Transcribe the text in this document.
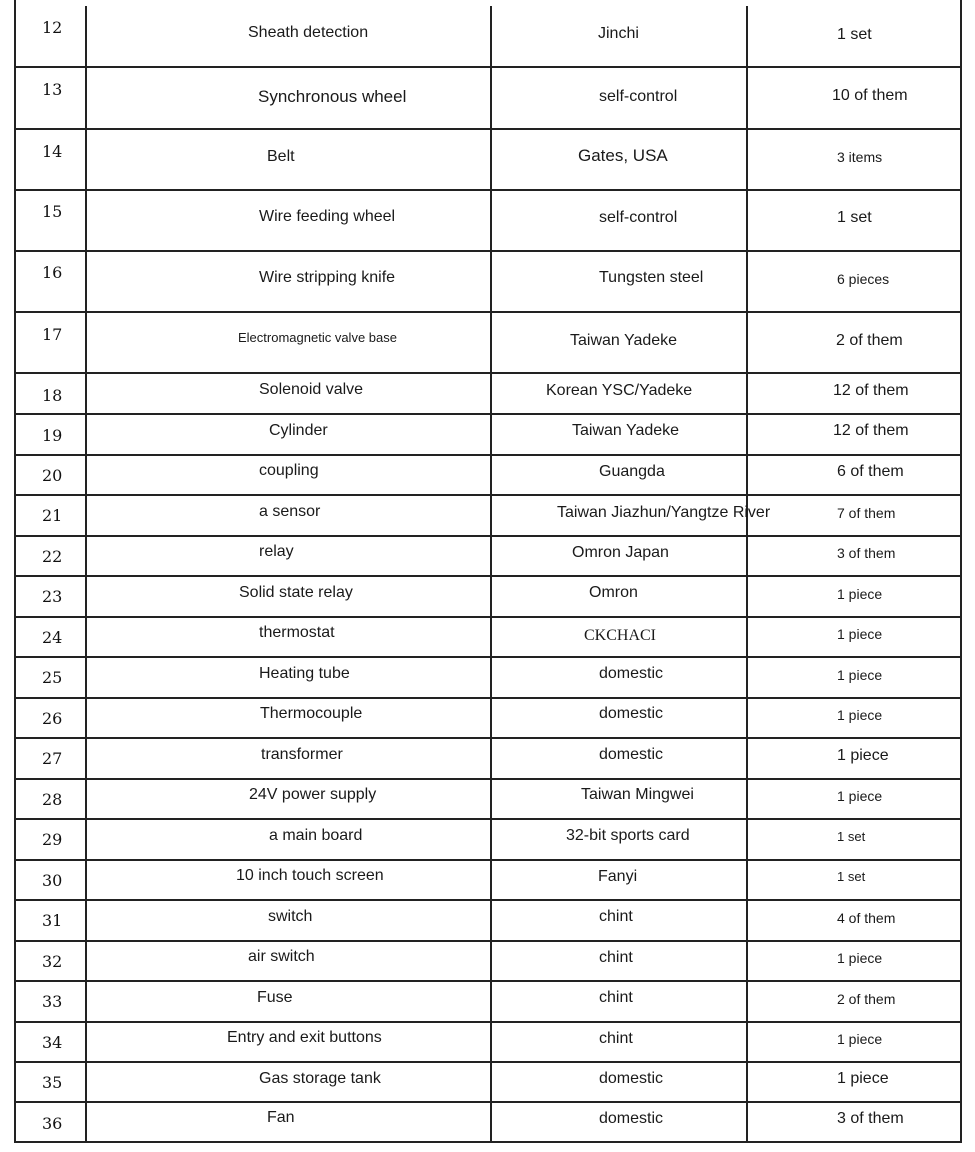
12	Sheath detection	Jinchi	1 set
13	Synchronous wheel	self-control	10 of them
14	Belt	Gates, USA	3 items
15	Wire feeding wheel	self-control	1 set
16	Wire stripping knife	Tungsten steel	6 pieces
17	Electromagnetic valve base	Taiwan Yadeke	2 of them
18	Solenoid valve	Korean YSC/Yadeke	12 of them
19	Cylinder	Taiwan Yadeke	12 of them
20	coupling	Guangda	6 of them
21	a sensor	Taiwan Jiazhun/Yangtze River	7 of them
22	relay	Omron Japan	3 of them
23	Solid state relay	Omron	1 piece
24	thermostat	CKCHACI	1 piece
25	Heating tube	domestic	1 piece
26	Thermocouple	domestic	1 piece
27	transformer	domestic	1 piece
28	24V power supply	Taiwan Mingwei	1 piece
29	a main board	32-bit sports card	1 set
30	10 inch touch screen	Fanyi	1 set
31	switch	chint	4 of them
32	air switch	chint	1 piece
33	Fuse	chint	2 of them
34	Entry and exit buttons	chint	1 piece
35	Gas storage tank	domestic	1 piece
36	Fan	domestic	3 of them
